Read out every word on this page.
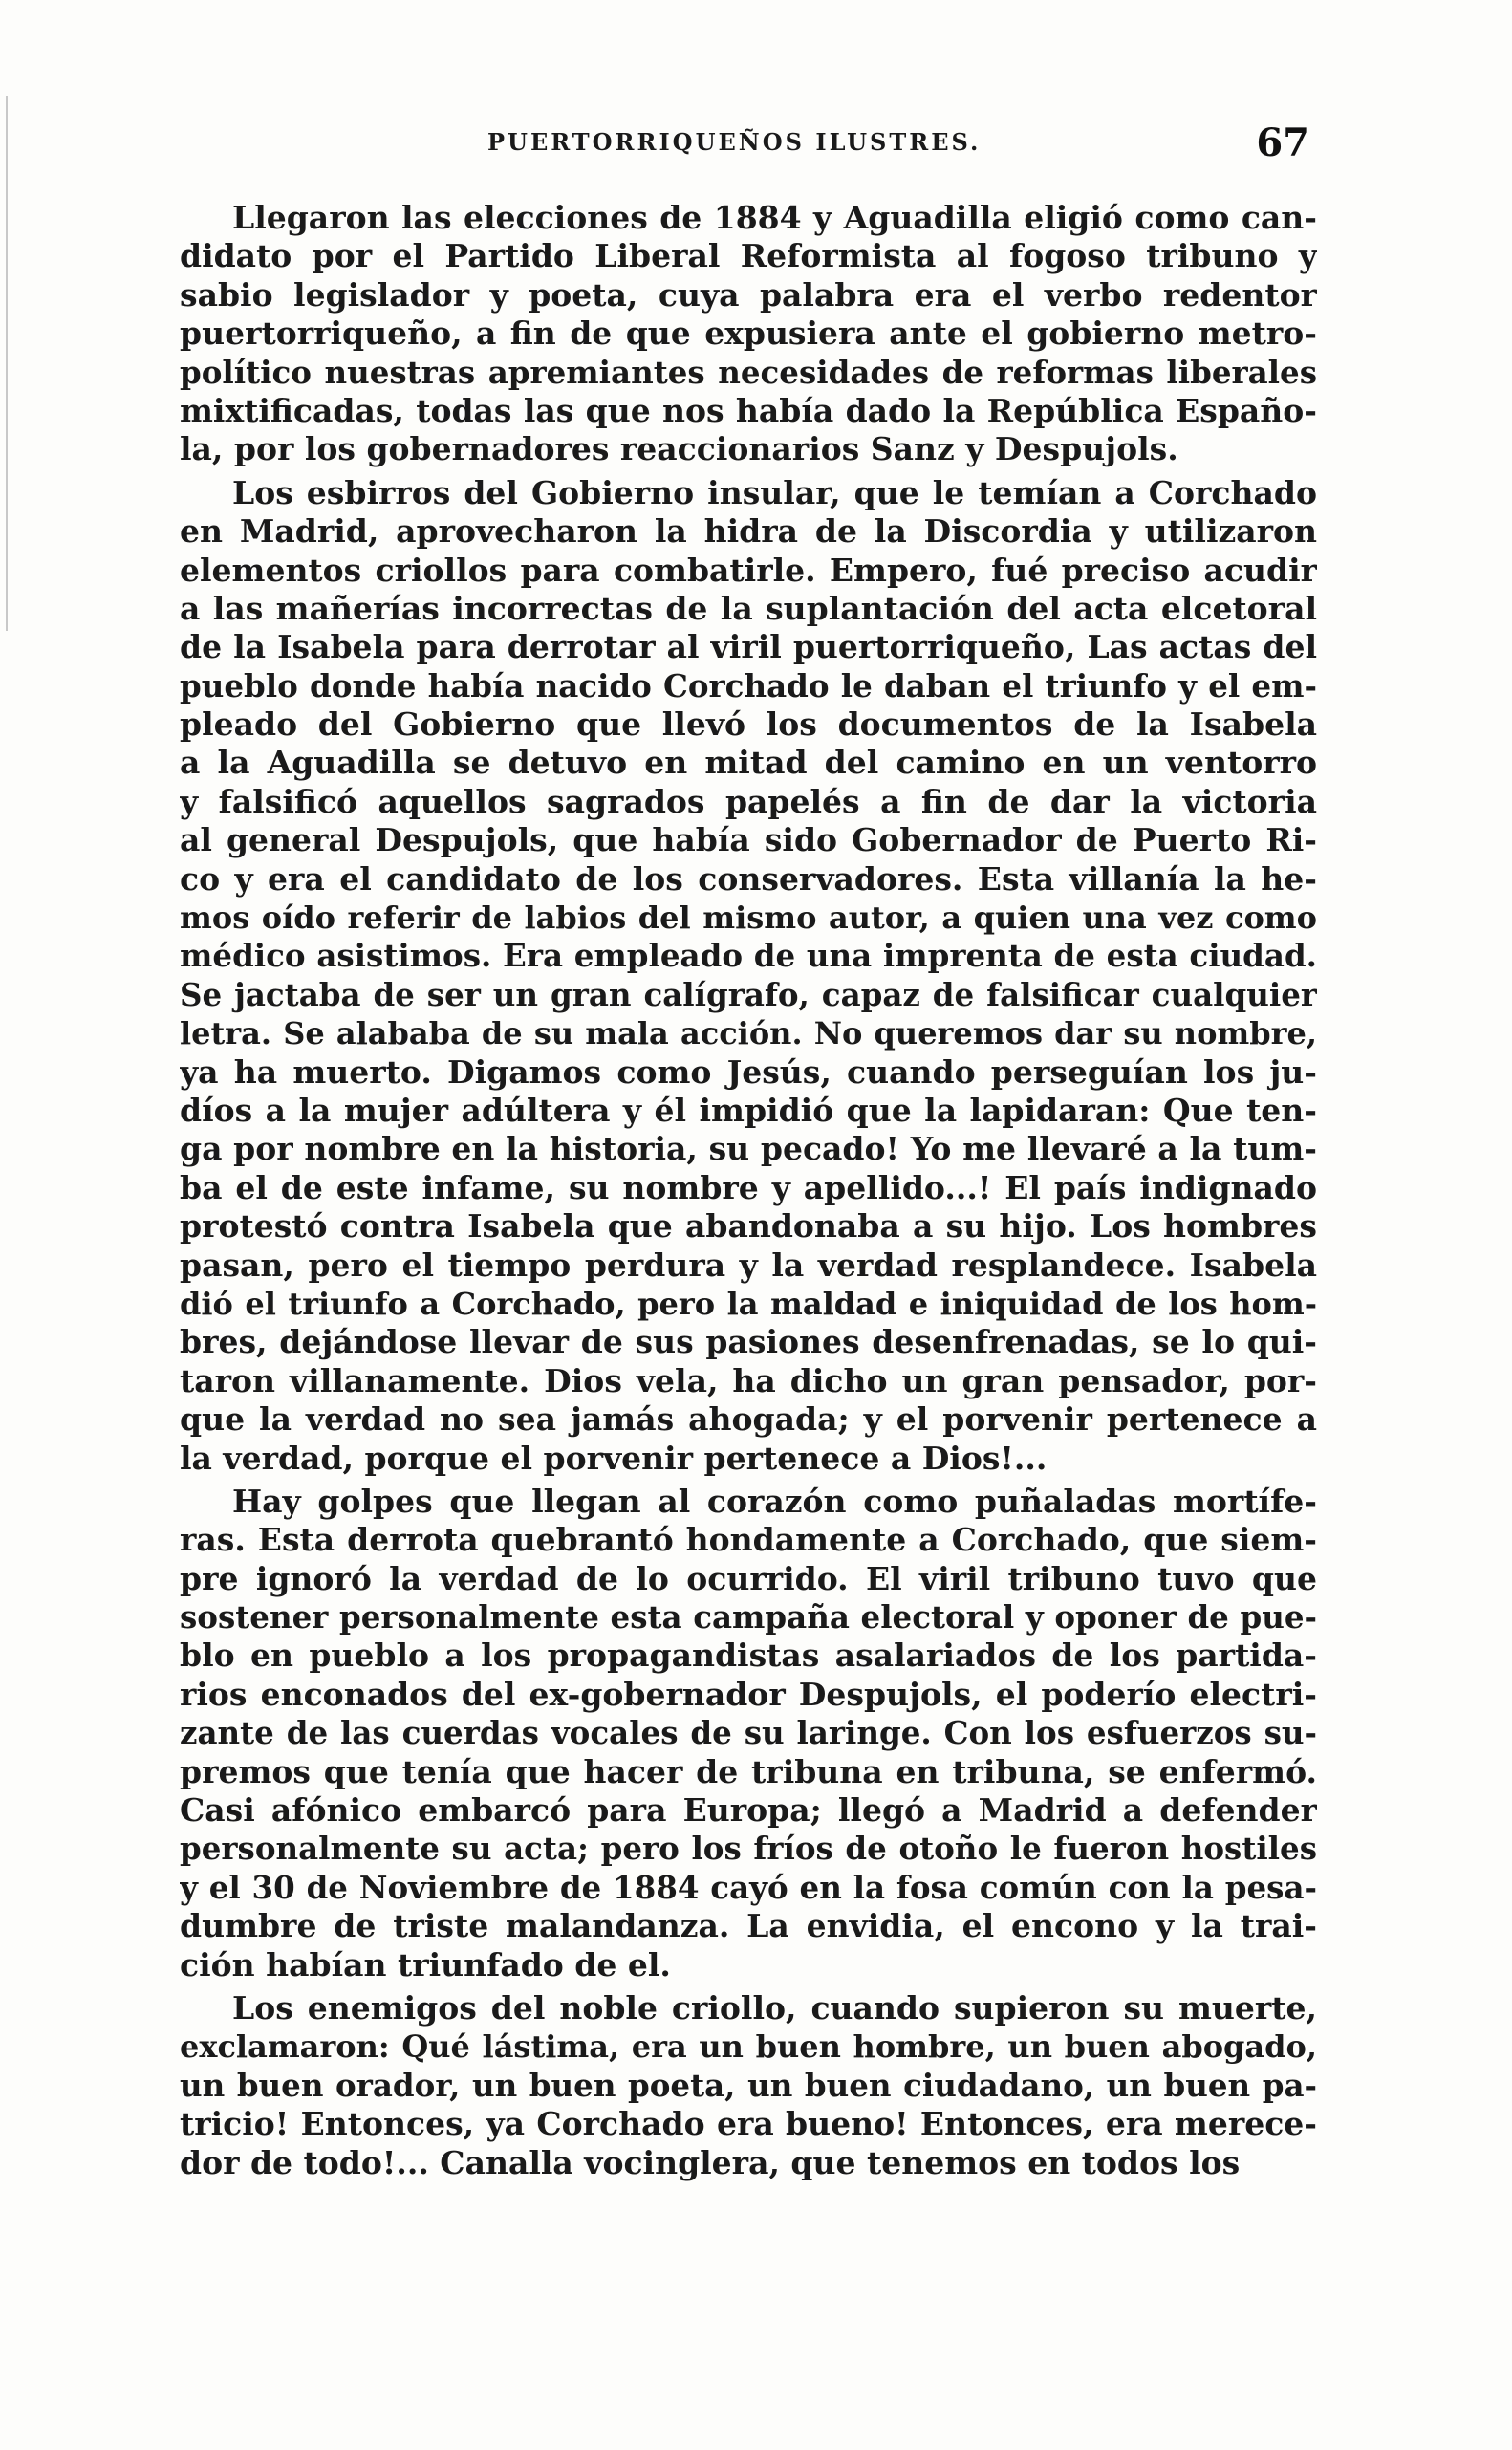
PUERTORRIQUEÑOS ILUSTRES.	67
Llegaron las elecciones de 1884 y Aguadilla eligió como can-
didato por el Partido Liberal Reformista al fogoso tribuno y
sabio legislador y poeta, cuya palabra era el verbo redentor
puertorriqueño, a fin de que expusiera ante el gobierno metro-
político nuestras apremiantes necesidades de reformas liberales
mixtificadas, todas las que nos había dado la República Españo-
la, por los gobernadores reaccionarios Sanz y Despujols.
Los esbirros del Gobierno insular, que le temían a Corchado
en Madrid, aprovecharon la hidra de la Discordia y utilizaron
elementos criollos para combatirle. Empero, fué preciso acudir
a las mañerías incorrectas de la suplantación del acta elcetoral
de la Isabela para derrotar al viril puertorriqueño, Las actas del
pueblo donde había nacido Corchado le daban el triunfo y el em-
pleado del Gobierno que llevó los documentos de la Isabela
a la Aguadilla se detuvo en mitad del camino en un ventorro
y falsificó aquellos sagrados papelés a fin de dar la victoria
al general Despujols, que había sido Gobernador de Puerto Ri-
co y era el candidato de los conservadores. Esta villanía la he-
mos oído referir de labios del mismo autor, a quien una vez como
médico asistimos. Era empleado de una imprenta de esta ciudad.
Se jactaba de ser un gran calígrafo, capaz de falsificar cualquier
letra. Se alababa de su mala acción. No queremos dar su nombre,
ya ha muerto. Digamos como Jesús, cuando perseguían los ju-
díos a la mujer adúltera y él impidió que la lapidaran: Que ten-
ga por nombre en la historia, su pecado! Yo me llevaré a la tum-
ba el de este infame, su nombre y apellido...! El país indignado
protestó contra Isabela que abandonaba a su hijo. Los hombres
pasan, pero el tiempo perdura y la verdad resplandece. Isabela
dió el triunfo a Corchado, pero la maldad e iniquidad de los hom-
bres, dejándose llevar de sus pasiones desenfrenadas, se lo qui-
taron villanamente. Dios vela, ha dicho un gran pensador, por-
que la verdad no sea jamás ahogada; y el porvenir pertenece a
la verdad, porque el porvenir pertenece a Dios!...
Hay golpes que llegan al corazón como puñaladas mortífe-
ras. Esta derrota quebrantó hondamente a Corchado, que siem-
pre ignoró la verdad de lo ocurrido. El viril tribuno tuvo que
sostener personalmente esta campaña electoral y oponer de pue-
blo en pueblo a los propagandistas asalariados de los partida-
rios enconados del ex-gobernador Despujols, el poderío electri-
zante de las cuerdas vocales de su laringe. Con los esfuerzos su-
premos que tenía que hacer de tribuna en tribuna, se enfermó.
Casi afónico embarcó para Europa; llegó a Madrid a defender
personalmente su acta; pero los fríos de otoño le fueron hostiles
y el 30 de Noviembre de 1884 cayó en la fosa común con la pesa-
dumbre de triste malandanza. La envidia, el encono y la trai-
ción habían triunfado de el.
Los enemigos del noble criollo, cuando supieron su muerte,
exclamaron: Qué lástima, era un buen hombre, un buen abogado,
un buen orador, un buen poeta, un buen ciudadano, un buen pa-
tricio! Entonces, ya Corchado era bueno! Entonces, era merece-
dor de todo!... Canalla vocinglera, que tenemos en todos los
